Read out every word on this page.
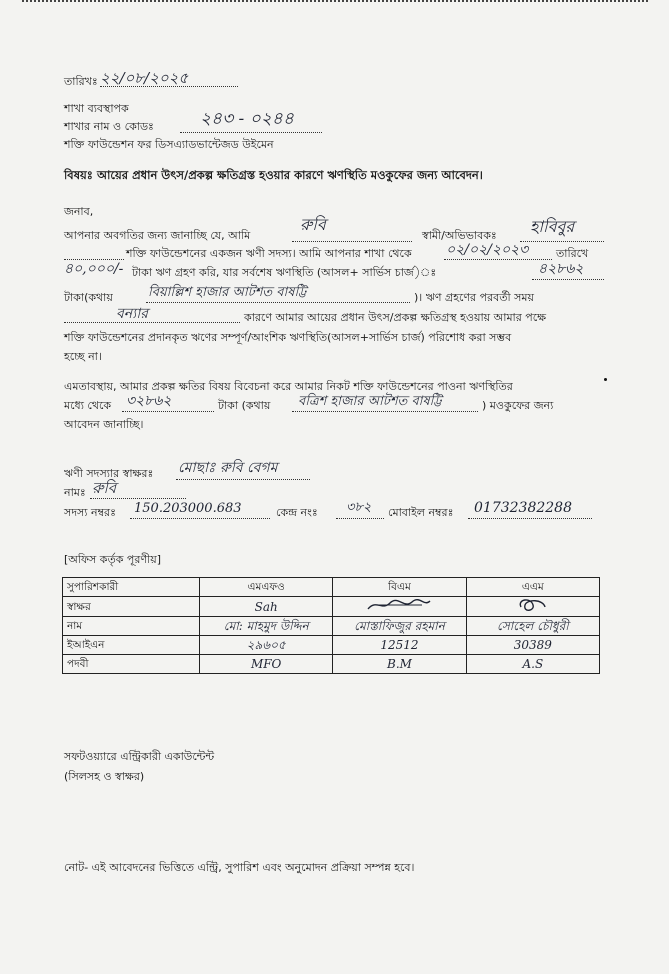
তারিখঃ ২২/০৮/২০২৫
শাখা ব্যবস্থাপক
শাখার নাম ও কোডঃ	২৪৩ - ০২৪৪
শক্তি ফাউন্ডেশন ফর ডিসএ্যাডভান্টেজড উইমেন
বিষয়ঃ আয়ের প্রধান উৎস/প্রকল্প ক্ষতিগ্রস্ত হওয়ার কারণে ঋণস্থিতি মওকুফের জন্য আবেদন।
জনাব,
আপনার অবগতির জন্য জানাচ্ছি যে, আমি
রুবি
স্বামী/অভিভাবকঃ হাবিবুর
শক্তি ফাউন্ডেশনের একজন ঋণী সদস্য। আমি আপনার শাখা থেকে ০২/০২/২০২৩	তারিখে
৪০,০০০/- টাকা ঋণ গ্রহণ করি, যার সর্বশেষ ঋণস্থিতি (আসল+ সার্ভিস চার্জ)ঃ	৪২৮৬২
টাকা(কথায়	বিয়াল্লিশ হাজার আটশত বাষট্টি	)। ঋণ গ্রহণের পরবর্তী সময়
বন্যার	কারণে আমার আয়ের প্রধান উৎস/প্রকল্প ক্ষতিগ্রস্থ হওয়ায় আমার পক্ষে
শক্তি ফাউন্ডেশনের প্রদানকৃত ঋণের সম্পূর্ণ/আংশিক ঋণস্থিতি(আসল+সার্ভিস চার্জ) পরিশোধ করা সম্ভব
হচ্ছে না।
এমতাবস্থায়, আমার প্রকল্প ক্ষতির বিষয় বিবেচনা করে আমার নিকট শক্তি ফাউন্ডেশনের পাওনা ঋণস্থিতির
মধ্যে থেকে ৩২৮৬২	টাকা (কথায় বত্রিশ হাজার আটশত বাষট্টি	) মওকুফের জন্য
আবেদন জানাচ্ছি।
ঋণী সদস্যার স্বাক্ষরঃ মোছাঃ রুবি বেগম
নামঃ রুবি
সদস্য নম্বরঃ 150.203000.683	কেন্দ্র নংঃ ৩৮২ মোবাইল নম্বরঃ 01732382288
[অফিস কর্তৃক পূরণীয়]
সুপারিশকারী	এমএফও	বিএম	এএম
স্বাক্ষর	Sah		
নাম	মো: মাহমুদ উদ্দিন	মোস্তাফিজুর রহমান	সোহেল চৌধুরী
ইআইএন	২৯৬০৫	12512	30389
পদবী	MFO	B.M	A.S
সফটওয়্যারে এন্ট্রিকারী একাউন্টেন্ট
(সিলসহ ও স্বাক্ষর)
নোট- এই আবেদনের ভিত্তিতে এন্ট্রি, সুপারিশ এবং অনুমোদন প্রক্রিয়া সম্পন্ন হবে।
